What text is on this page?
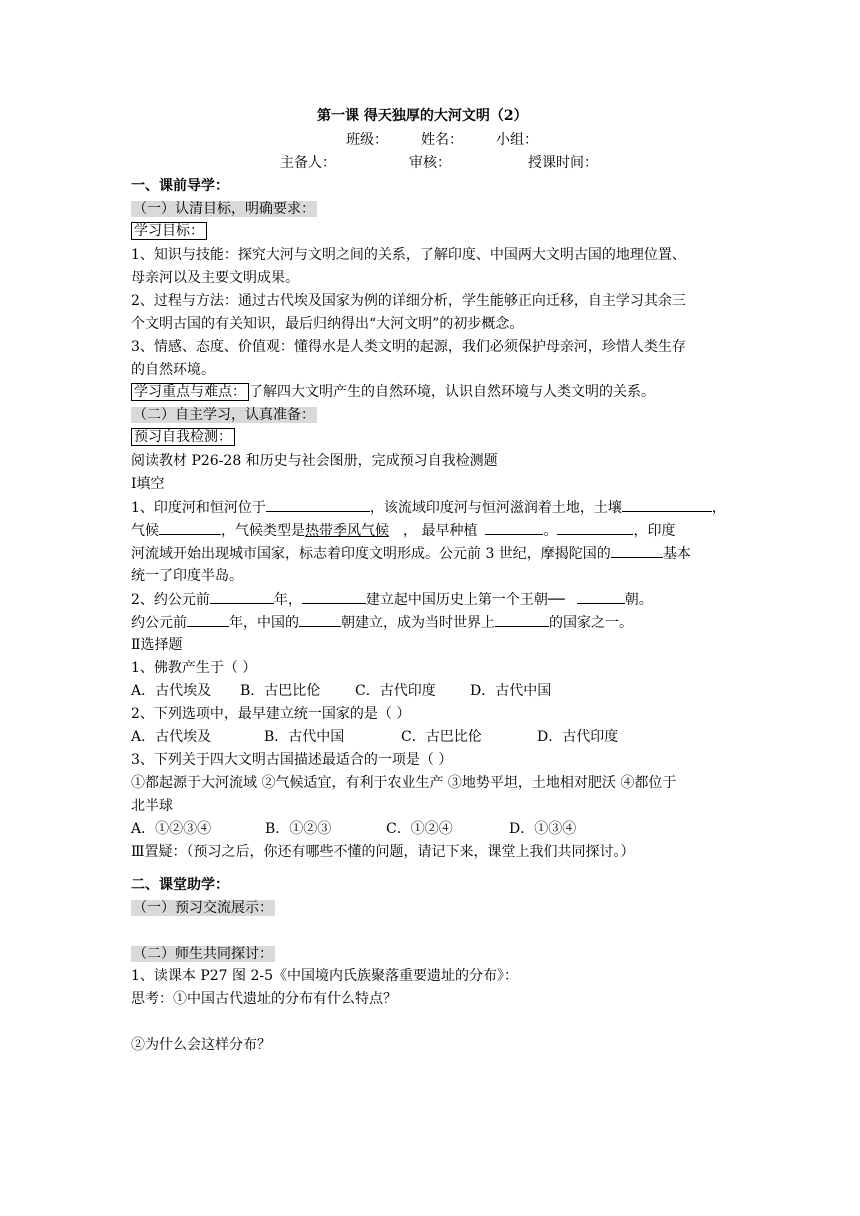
第一课 得天独厚的大河文明（2）
班级： 姓名： 小组：
主备人：	审核：	授课时间：
一、课前导学：
（一）认清目标，明确要求：
学习目标：
1、知识与技能：探究大河与文明之间的关系，了解印度、中国两大文明古国的地理位置、
母亲河以及主要文明成果。
2、过程与方法：通过古代埃及国家为例的详细分析，学生能够正向迁移，自主学习其余三
个文明古国的有关知识，最后归纳得出“大河文明”的初步概念。
3、情感、态度、价值观：懂得水是人类文明的起源，我们必须保护母亲河，珍惜人类生存
的自然环境。
学习重点与难点： 了解四大文明产生的自然环境，认识自然环境与人类文明的关系。
（二）自主学习，认真准备：
预习自我检测：
阅读教材 P26-28 和历史与社会图册，完成预习自我检测题
Ⅰ填空
1、印度河和恒河位于	，该流域印度河与恒河滋润着土地，土壤	，
气候	，气候类型是热带季风气候 ， 最早种植	。	，印度
河流域开始出现城市国家，标志着印度文明形成。公元前 3 世纪，摩揭陀国的	基本
统一了印度半岛。
2、约公元前	年，	建立起中国历史上第一个王朝──	朝。
约公元前	年，中国的	朝建立，成为当时世界上	的国家之一。
Ⅱ选择题
1、佛教产生于（ ）
A．古代埃及 B．古巴比伦 C．古代印度 D．古代中国
2、下列选项中，最早建立统一国家的是（ ）
A．古代埃及	B．古代中国	C．古巴比伦	D．古代印度
3、下列关于四大文明古国描述最适合的一项是（ ）
①都起源于大河流域 ②气候适宜，有利于农业生产 ③地势平坦，土地相对肥沃 ④都位于
北半球
A．①②③④	B．①②③	C．①②④	D．①③④
Ⅲ置疑：（预习之后，你还有哪些不懂的问题，请记下来，课堂上我们共同探讨。）
二、课堂助学：
（一）预习交流展示：
（二）师生共同探讨：
1、读课本 P27 图 2-5《中国境内氏族聚落重要遗址的分布》：
思考：①中国古代遗址的分布有什么特点？
②为什么会这样分布？
